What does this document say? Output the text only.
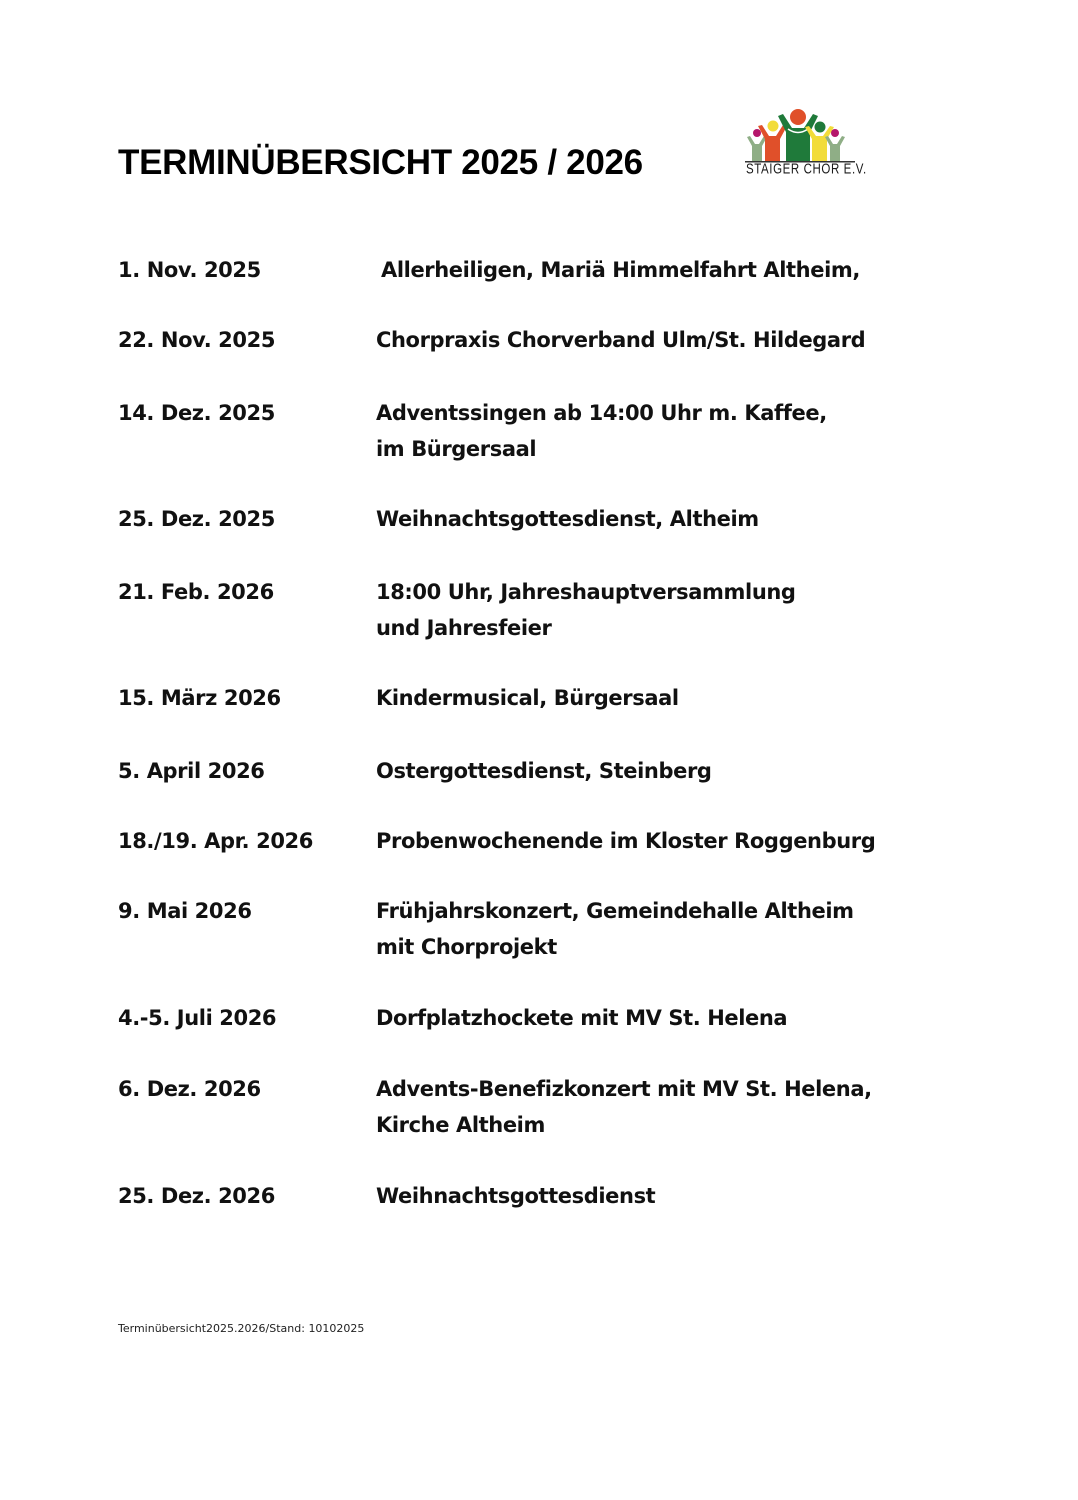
TERMINÜBERSICHT 2025 / 2026	STAIGER CHOR E.V.
1. Nov. 2025	Allerheiligen, Mariä Himmelfahrt Altheim,
22. Nov. 2025	Chorpraxis Chorverband Ulm/St. Hildegard
14. Dez. 2025	Adventssingen ab 14:00 Uhr m. Kaffee,
im Bürgersaal
25. Dez. 2025	Weihnachtsgottesdienst, Altheim
21. Feb. 2026	18:00 Uhr, Jahreshauptversammlung
und Jahresfeier
15. März 2026	Kindermusical, Bürgersaal
5. April 2026	Ostergottesdienst, Steinberg
18./19. Apr. 2026	Probenwochenende im Kloster Roggenburg
9. Mai 2026	Frühjahrskonzert, Gemeindehalle Altheim
mit Chorprojekt
4.-5. Juli 2026	Dorfplatzhockete mit MV St. Helena
6. Dez. 2026	Advents-Benefizkonzert mit MV St. Helena,
Kirche Altheim
25. Dez. 2026	Weihnachtsgottesdienst
Terminübersicht2025.2026/Stand: 10102025
